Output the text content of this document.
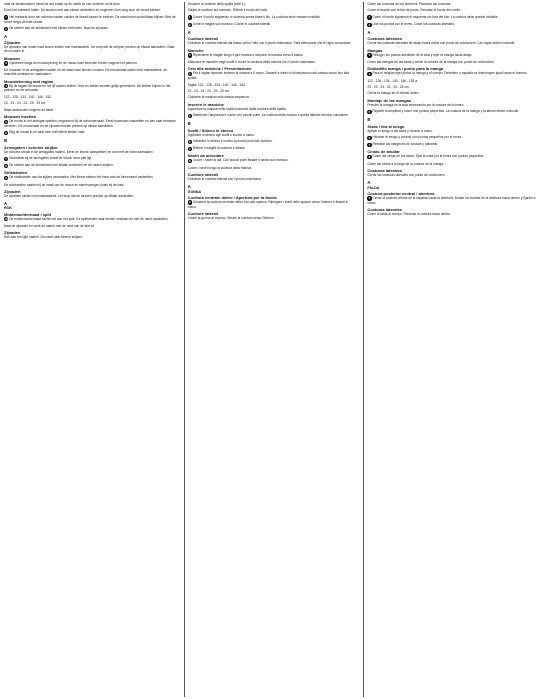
haal de sierstrookken vanaf de wol eraan op en steek ze van onderen recht door
Eerst het breiwerk halen. De stroken met aan elkaar vastzetten en ongeveer 2cm lang door de boord zakken.
1 Het breiwerk door het schema naaien zonder de draad tussen te trekken. De naad moet onzichtbaar blijven. Brei de boord langs de hals verder.
2 De steken aan de achterkant met elkaar verbinden. Naai de zijnaden.
A
Zijnaden
De zijnaden van onder naar boven sluiten met matrassteek. Let erop dat de strepen precies op elkaar aansluiten. Naai de mouwen in.
Mouwen
3 Opnemen langs de mouwopening en de mouw naar beneden breien volgens het patroon.
De mouwen in de armsgaten naaien en de naad naar binnen vouwen. De mouwnaad sluiten met matrassteek, de manchet omslaan en vastnaaien.
Mouwtekening met raglan
4 Bij de raglan de mouw en het lijf samen breien. Voor en achter worden gelijk geminderd. De steken blijven in het patroon tot de schouder.
122 - 128 - 134 - 140 - 146 - 152
23 - 23 - 24 - 24 - 25 - 25 cm
Maat aanhouden volgens de tabel.
Mouwen inzetten
5 De mouw in het armsgat spelden, beginnend bij de schoudernaad. Eerst bovenaan vastzetten en dan naar beneden verdelen. De mouwnaad en de zijnaad moeten precies op elkaar aansluiten.
6 Rijg de mouw in en naai hem met kleine steken vast.
B
Armsgaten / schuine strijker
De schuine strook in de armsgaten naaien. Eerst de strook vastspelden en dan met de hand aannaaien.
7 Doorsteek bij de armsgaten zodat de strook mooi plat ligt.
8 De steken aan de binnenkant met elkaar verbinden en de naden strijken.
Strikbanden
9 De strikbanden aan de zijkant vastnaaien. Met kleine steken het band aan de binnenkant vastzetten.
De strikbanden naaien bij de naad van de mouw en samenvoegen zoals bij de hals.
Zijnaden
De zijnaden sluiten met matrassteek. Let erop dat de strepen precies op elkaar aansluiten.
A
ROK
Middenachternaad / split
10De middenachternaad sluiten tot aan het split. De splitranden naar binnen omslaan en met de hand vastzetten.
Naai de zijnaden en werk de naden met de rand van de stof af.
Zijnaden
Rok aan het lijfje naaien. De naad naar binnen strijken.
chiudere le cuciture della spalla (vedi 1).
Stirare le cuciture sul rovescio. Rifinire il bordo del collo.
1 Cucire il bordo seguendo lo schema senza tirare il filo. La cucitura deve restare invisibile.
2 Unire le maglie sul rovescio. Cucire le cuciture laterali.
A
Cuciture laterali
Chiudere le cuciture laterali dal basso verso l'alto con il punto materasso. Fare attenzione che le righe coincidano.
Maniche
3 Riprendere le maglie lungo il giro manica e lavorare la manica verso il basso.
Attaccare le maniche negli scalfi e cucire la cucitura della manica con il punto materasso.
Orlo alle maniche / Presentazione
4 Per il raglan lavorare insieme la manica e il corpo. Davanti e dietro si diminuiscono allo stesso modo fino alla spalla.
Taglia: 122 - 128 - 134 - 140 - 146 - 152
23 - 23 - 24 - 24 - 25 - 25 cm
Chiudere la manica nella stessa sequenza.
Inserire le maniche
Appuntare la manica nello scalfo iniziando dalla cucitura della spalla.
5 Distribuire l'ampiezza e cucire con piccoli punti. La cucitura della manica e quella laterale devono coincidere.
B
Scalfi / Sbieco in sbieco
Applicare lo sbieco agli scalfi e cucirlo a mano.
6 Imbastire lo sbieco e cucirlo a piccoli punti dal rovescio.
7 Rifinire i margini di cucitura e stirare.
Nastri da annodare
8 Cucire i nastri ai lati. Con piccoli punti fissare il nastro sul rovescio.
Cucire i nastri lungo la cucitura della manica.
Cuciture laterali
Chiudere le cuciture laterali con il punto materasso.
A
GONNA
Cucitura centrale dietro / Apertura per la fascia
9 Chiudere la cucitura centrale dietro fino allo spacco. Ripiegare i bordi dello spacco verso l'interno e fissarli a mano.
Cuciture laterali
Cucire la gonna al corpino. Stirare la cucitura verso l'interno.
Coser las costuras de los hombros. Planchar las costuras.
Coser el escote con la tira de punto. Rematar el borde del cuello.
1 Coser el borde siguiendo el esquema sin tirar del hilo. La costura debe quedar invisible.
2 Unir los puntos por el revés. Coser las costuras laterales.
A
Costuras laterales
Cerrar las costuras laterales de abajo hacia arriba con punto de colchonero. Las rayas deben coincidir.
Mangas
3 Recoger los puntos alrededor de la sisa y tejer la manga hacia abajo.
Coser las mangas en las sisas y cerrar la costura de la manga con punto de colchonero.
Dobladillo manga / punto para la manga
4 Para el ranglán tejer juntos la manga y el cuerpo. Delantero y espalda se disminuyen igual hasta el hombro.
122 - 128 - 134 - 140 - 146 - 152 a
23 - 23 - 24 - 24 - 25 - 25 cm
Cerrar la manga en el mismo orden.
Montaje de las mangas
Prender la manga en la sisa empezando por la costura del hombro.
5 Repartir la amplitud y coser con puntos pequeños. La costura de la manga y la lateral deben coincidir.
B
Sisas / tira al sesgo
Aplicar el sesgo a las sisas y coserlo a mano.
6 Hilvanar el sesgo y coserlo con puntos pequeños por el revés.
7 Rematar los márgenes de costura y planchar.
Cintas de anudar
8 Coser las cintas en los lados. Fijar la cinta por el revés con puntos pequeños.
Coser las cintas a lo largo de la costura de la manga.
Costuras laterales
Cerrar las costuras laterales con punto de colchonero.
A
FALDA
Costura posterior central / abertura
9 Cerrar la costura central de la espalda hasta la abertura. Doblar los bordes de la abertura hacia dentro y fijarlos a mano.
Costuras laterales
Coser la falda al cuerpo. Planchar la costura hacia dentro.
